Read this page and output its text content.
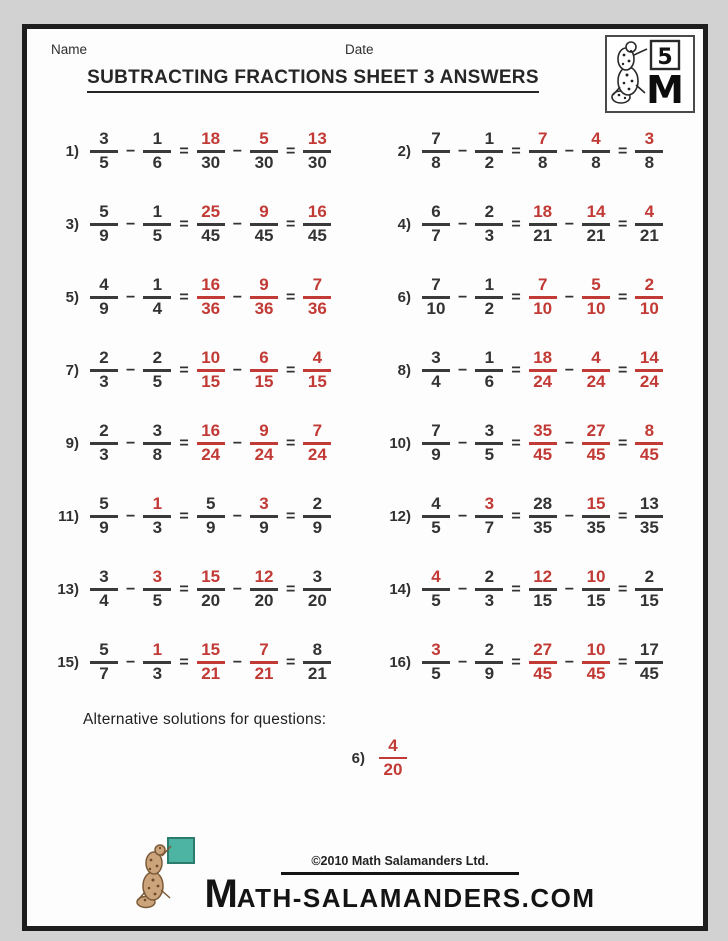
Name	Date
SUBTRACTING FRACTIONS SHEET 3 ANSWERS
5
M
$1) \frac{3}{5} - \frac{1}{6} = \frac{18}{30} - \frac{5}{30} = \frac{13}{30}$	$2) \frac{7}{8} - \frac{1}{2} = \frac{7}{8} - \frac{4}{8} = \frac{3}{8}$
$3) \frac{5}{9} - \frac{1}{5} = \frac{25}{45} - \frac{9}{45} = \frac{16}{45}$	$4) \frac{6}{7} - \frac{2}{3} = \frac{18}{21} - \frac{14}{21} = \frac{4}{21}$
$5) \frac{4}{9} - \frac{1}{4} = \frac{16}{36} - \frac{9}{36} = \frac{7}{36}$	$6) \frac{7}{10} - \frac{1}{2} = \frac{7}{10} - \frac{5}{10} = \frac{2}{10}$
$7) \frac{2}{3} - \frac{2}{5} = \frac{10}{15} - \frac{6}{15} = \frac{4}{15}$	$8) \frac{3}{4} - \frac{1}{6} = \frac{18}{24} - \frac{4}{24} = \frac{14}{24}$
$9) \frac{2}{3} - \frac{3}{8} = \frac{16}{24} - \frac{9}{24} = \frac{7}{24}$	$10) \frac{7}{9} - \frac{3}{5} = \frac{35}{45} - \frac{27}{45} = \frac{8}{45}$
$11) \frac{5}{9} - \frac{1}{3} = \frac{5}{9} - \frac{3}{9} = \frac{2}{9}$	$12) \frac{4}{5} - \frac{3}{7} = \frac{28}{35} - \frac{15}{35} = \frac{13}{35}$
$13) \frac{3}{4} - \frac{3}{5} = \frac{15}{20} - \frac{12}{20} = \frac{3}{20}$	$14) \frac{4}{5} - \frac{2}{3} = \frac{12}{15} - \frac{10}{15} = \frac{2}{15}$
$15) \frac{5}{7} - \frac{1}{3} = \frac{15}{21} - \frac{7}{21} = \frac{8}{21}$	$16) \frac{3}{5} - \frac{2}{9} = \frac{27}{45} - \frac{10}{45} = \frac{17}{45}$
Alternative solutions for questions:
$6) \frac{4}{20}$
©2010 Math Salamanders Ltd.
M ATH-SALAMANDERS.COM
